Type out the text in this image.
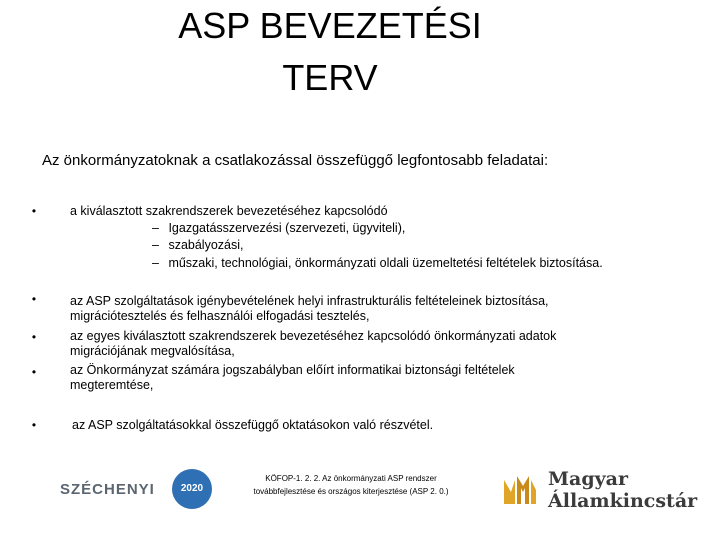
ASP BEVEZETÉSI
TERV
Az önkormányzatoknak a csatlakozással összefüggő legfontosabb feladatai:
•	a kiválasztott szakrendszerek bevezetéséhez kapcsolódó
– Igazgatásszervezési (szervezeti, ügyviteli),
– szabályozási,
– műszaki, technológiai, önkormányzati oldali üzemeltetési feltételek biztosítása.
•	az ASP szolgáltatások igénybevételének helyi infrastrukturális feltételeinek biztosítása,
migrációtesztelés és felhasználói elfogadási tesztelés,
•	az egyes kiválasztott szakrendszerek bevezetéséhez kapcsolódó önkormányzati adatok
migrációjának megvalósítása,
•	az Önkormányzat számára jogszabályban előírt informatikai biztonsági feltételek
megteremtése,
•	az ASP szolgáltatásokkal összefüggő oktatásokon való részvétel.
SZÉCHENYI	2020
KÖFOP-1. 2. 2. Az önkormányzati ASP rendszer
továbbfejlesztése és országos kiterjesztése (ASP 2. 0.)
Magyar
Államkincstár
